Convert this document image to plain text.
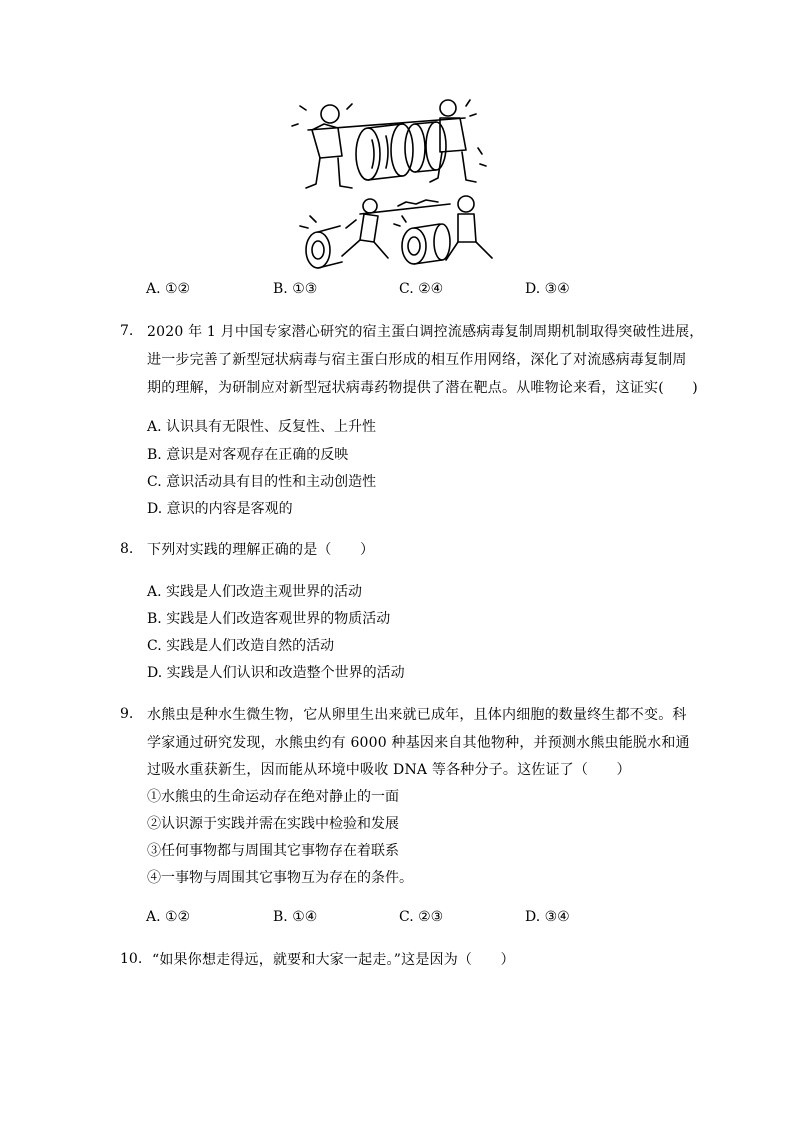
A. ①②	B. ①③	C. ②④	D. ③④
7. 2020 年 1 月中国专家潜心研究的宿主蛋白调控流感病毒复制周期机制取得突破性进展，
进一步完善了新型冠状病毒与宿主蛋白形成的相互作用网络，深化了对流感病毒复制周
期的理解，为研制应对新型冠状病毒药物提供了潜在靶点。从唯物论来看，这证实(　　)
A. 认识具有无限性、反复性、上升性
B. 意识是对客观存在正确的反映
C. 意识活动具有目的性和主动创造性
D. 意识的内容是客观的
8. 下列对实践的理解正确的是（　　）
A. 实践是人们改造主观世界的活动
B. 实践是人们改造客观世界的物质活动
C. 实践是人们改造自然的活动
D. 实践是人们认识和改造整个世界的活动
9. 水熊虫是种水生微生物，它从卵里生出来就已成年，且体内细胞的数量终生都不变。科
学家通过研究发现，水熊虫约有 6000 种基因来自其他物种，并预测水熊虫能脱水和通
过吸水重获新生，因而能从环境中吸收 DNA 等各种分子。这佐证了（　　）
①水熊虫的生命运动存在绝对静止的一面
②认识源于实践并需在实践中检验和发展
③任何事物都与周围其它事物存在着联系
④一事物与周围其它事物互为存在的条件。
A. ①②	B. ①④	C. ②③	D. ③④
10. “如果你想走得远，就要和大家一起走。”这是因为（　　）
